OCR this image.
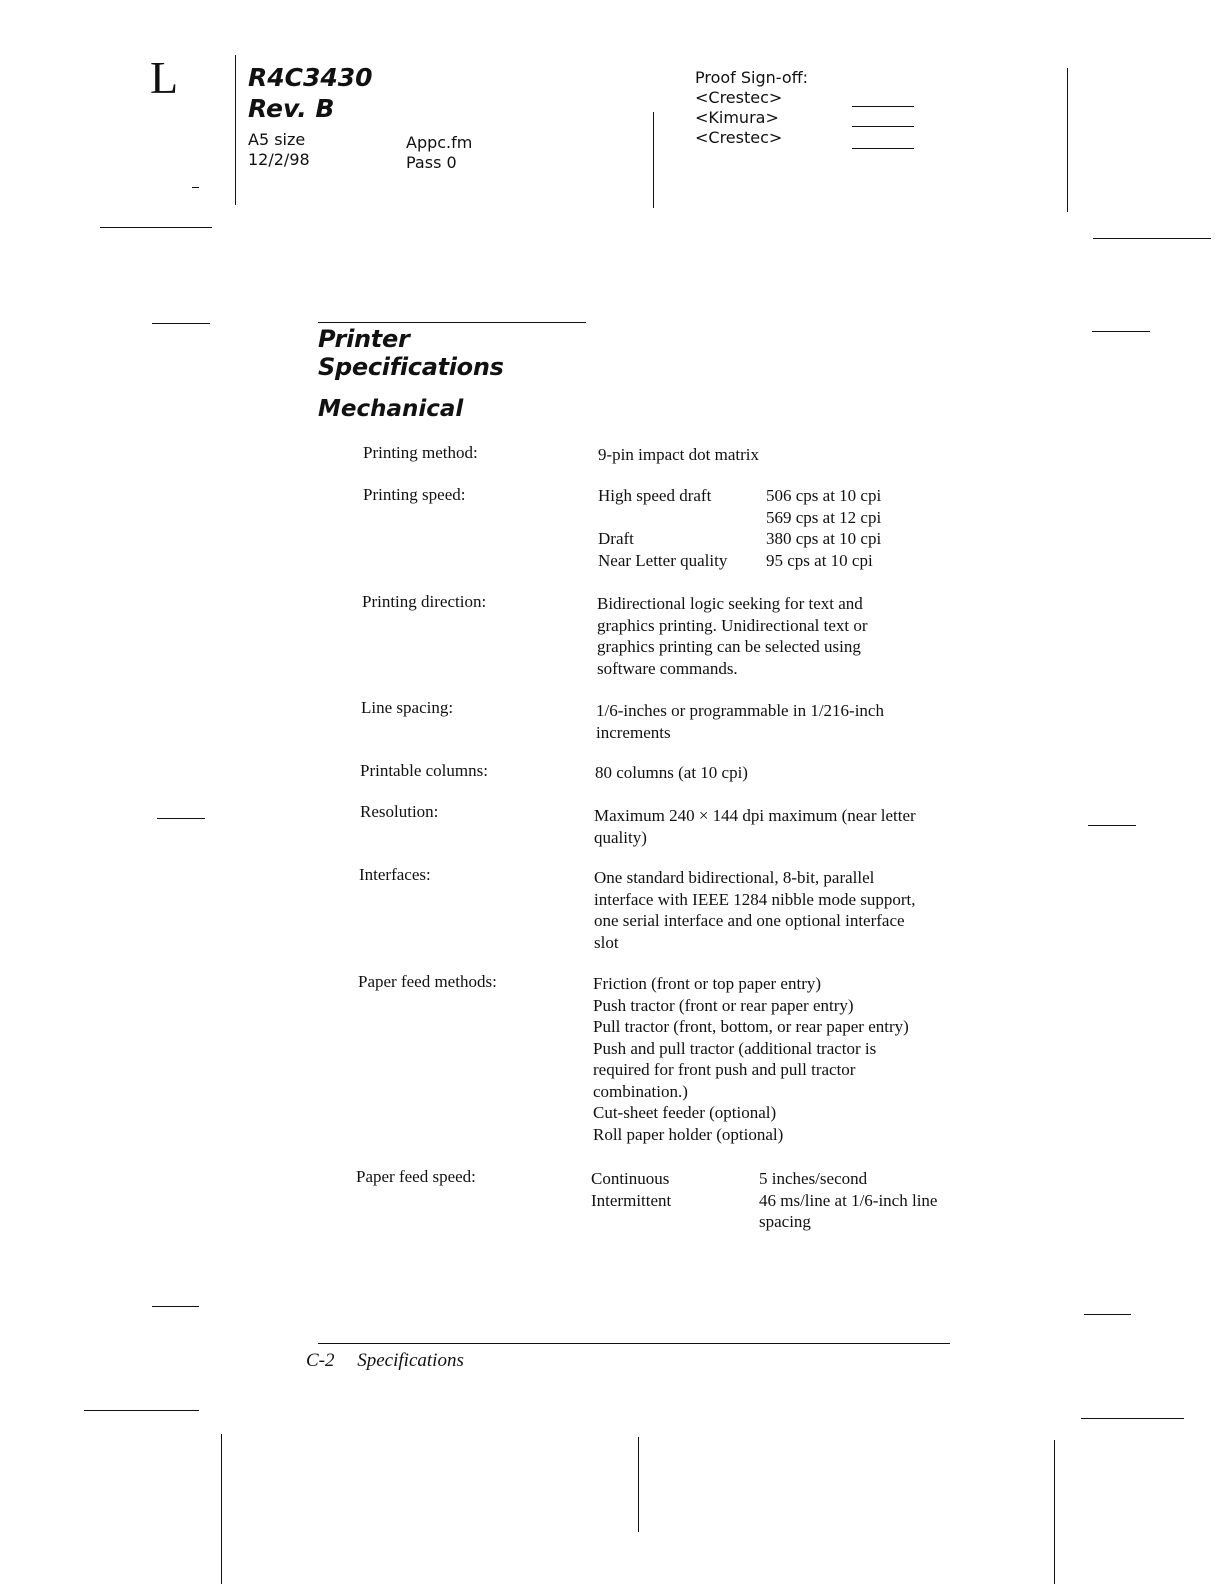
L	R4C3430
Rev. B
A5 size
12/2/98
Appc.fm
Pass 0
Proof Sign-off:
<Crestec>
<Kimura>
<Crestec>
Printer Specifications
Mechanical
Printing method:	9-pin impact dot matrix
Printing speed:	High speed draft	506 cps at 10 cpi
569 cps at 12 cpi
Draft	380 cps at 10 cpi
Near Letter quality	95 cps at 10 cpi
Printing direction:	Bidirectional logic seeking for text and
graphics printing. Unidirectional text or
graphics printing can be selected using
software commands.
Line spacing:	1/6-inches or programmable in 1/216-inch
increments
Printable columns:	80 columns (at 10 cpi)
Resolution:	Maximum 240 × 144 dpi maximum (near letter
quality)
Interfaces:	One standard bidirectional, 8-bit, parallel
interface with IEEE 1284 nibble mode support,
one serial interface and one optional interface
slot
Paper feed methods:	Friction (front or top paper entry)
Push tractor (front or rear paper entry)
Pull tractor (front, bottom, or rear paper entry)
Push and pull tractor (additional tractor is
required for front push and pull tractor
combination.)
Cut-sheet feeder (optional)
Roll paper holder (optional)
Paper feed speed:	Continuous	5 inches/second
Intermittent	46 ms/line at 1/6-inch line
spacing
C-2 Specifications
